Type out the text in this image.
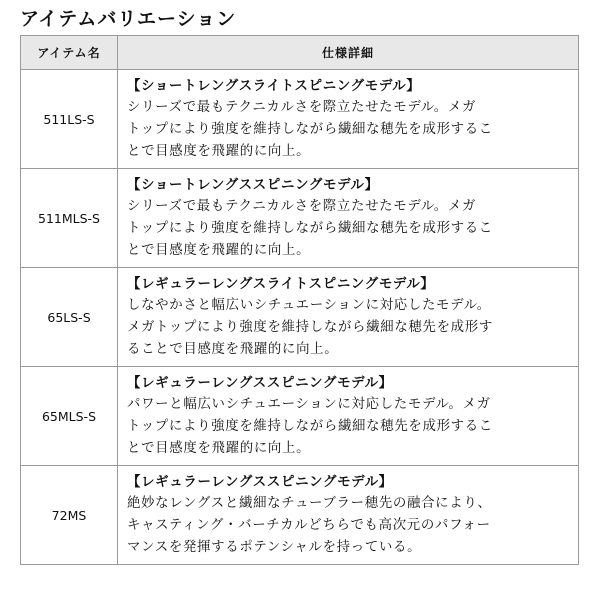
アイテムバリエーション
アイテム名	仕様詳細
511LS-S	【ショートレングスライトスピニングモデル】
シリーズで最もテクニカルさを際立たせたモデル。メガ
トップにより強度を維持しながら繊細な穂先を成形するこ
とで目感度を飛躍的に向上。

511MLS-S	【ショートレングススピニングモデル】
シリーズで最もテクニカルさを際立たせたモデル。メガ
トップにより強度を維持しながら繊細な穂先を成形するこ
とで目感度を飛躍的に向上。

65LS-S	【レギュラーレングスライトスピニングモデル】
しなやかさと幅広いシチュエーションに対応したモデル。
メガトップにより強度を維持しながら繊細な穂先を成形す
ることで目感度を飛躍的に向上。

65MLS-S	【レギュラーレングススピニングモデル】
パワーと幅広いシチュエーションに対応したモデル。メガ
トップにより強度を維持しながら繊細な穂先を成形するこ
とで目感度を飛躍的に向上。

72MS	【レギュラーレングススピニングモデル】
絶妙なレングスと繊細なチューブラー穂先の融合により、
キャスティング・バーチカルどちらでも高次元のパフォー
マンスを発揮するポテンシャルを持っている。
